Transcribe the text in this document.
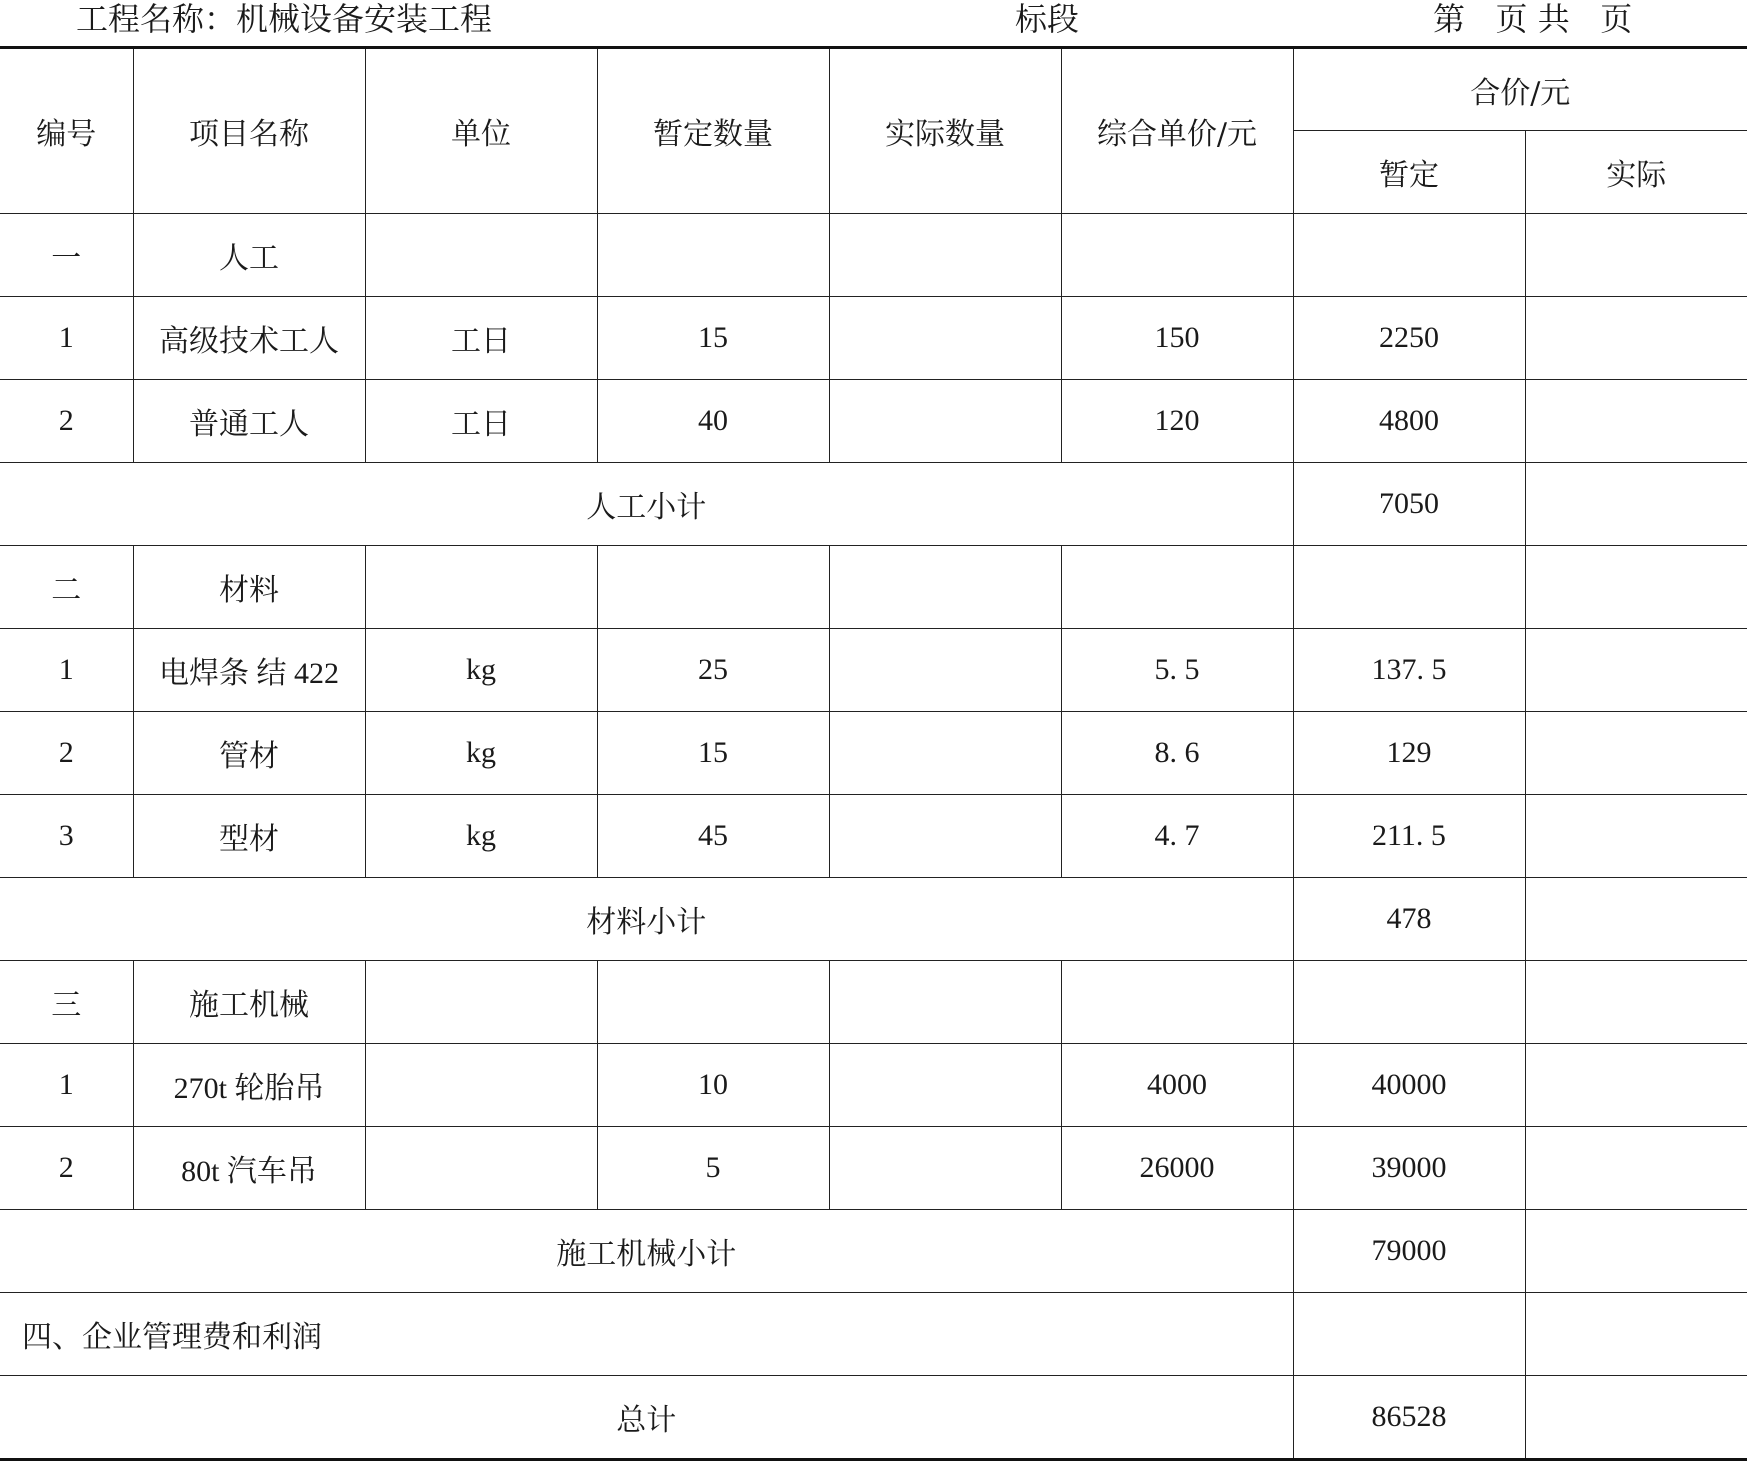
工程名称：机械设备安装工程	标段	第   页 共   页
编号	项目名称	单位	暂定数量	实际数量	综合单价/元	合价/元	
						暂定	实际
一	人工						
1	高级技术工人	工日	15		150	2250	
2	普通工人	工日	40		120	4800	
人工小计						7050	
二	材料						
1	电焊条 结 422	kg	25		5. 5	137. 5	
2	管材	kg	15		8. 6	129	
3	型材	kg	45		4. 7	211. 5	
材料小计						478	
三	施工机械						
1	270t 轮胎吊		10		4000	40000	
2	80t 汽车吊		5		26000	39000	
施工机械小计						79000	
四、企业管理费和利润							
总计						86528	
